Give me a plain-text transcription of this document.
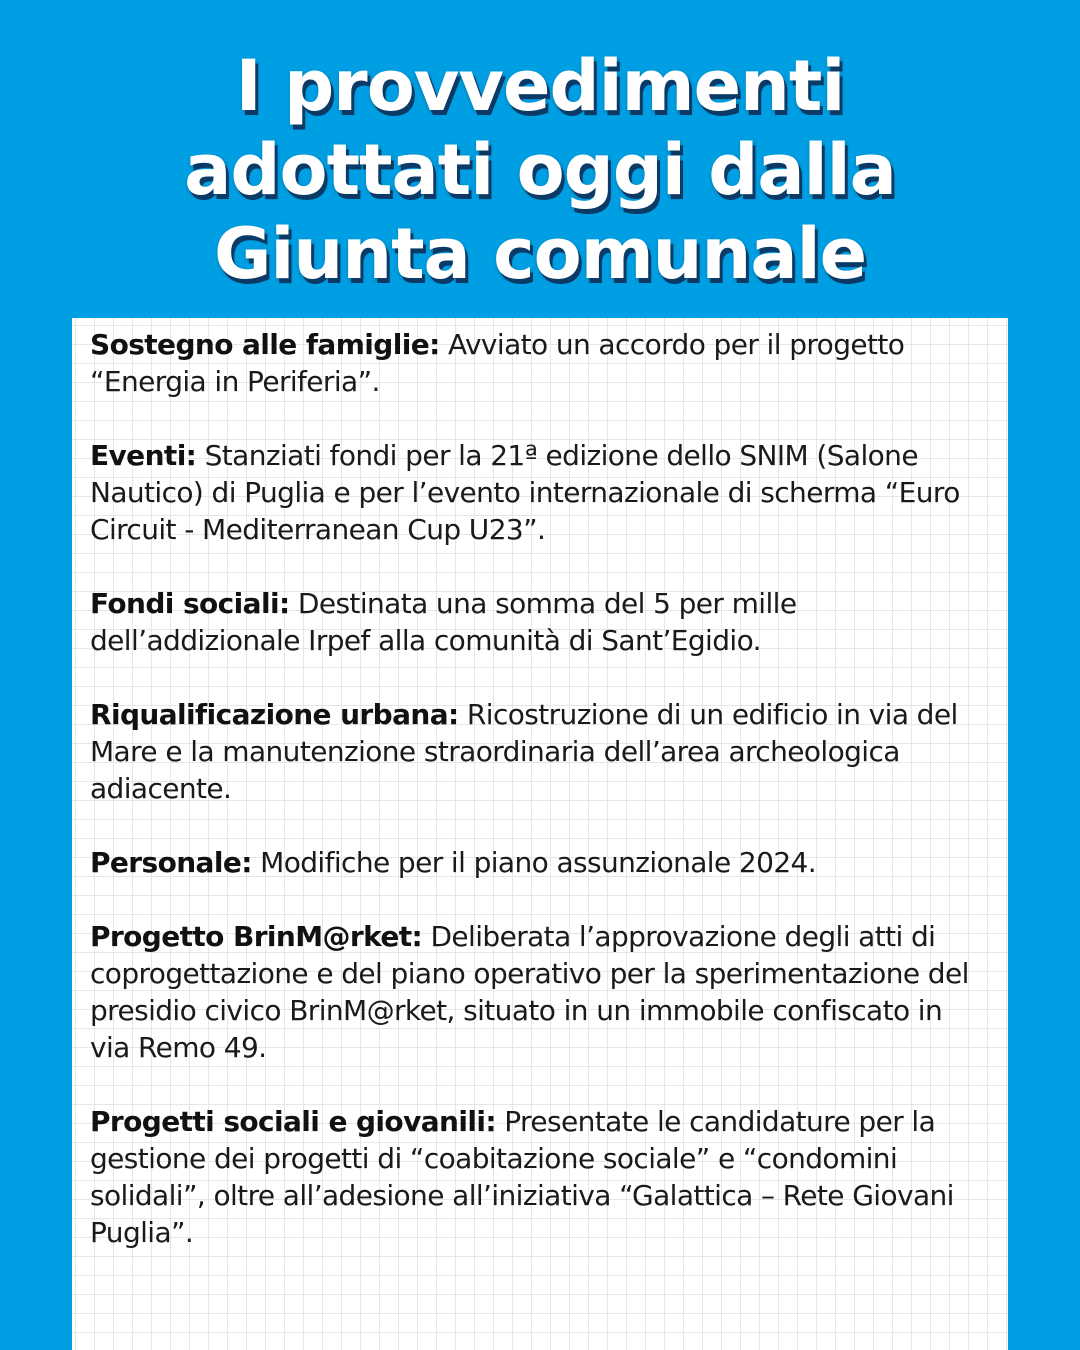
I provvedimenti
adottati oggi dalla
Giunta comunale

Sostegno alle famiglie: Avviato un accordo per il progetto “Energia in Periferia”.

Eventi: Stanziati fondi per la 21ª edizione dello SNIM (Salone Nautico) di Puglia e per l’evento internazionale di scherma “Euro Circuit - Mediterranean Cup U23”.

Fondi sociali: Destinata una somma del 5 per mille dell’addizionale Irpef alla comunità di Sant’Egidio.

Riqualificazione urbana: Ricostruzione di un edificio in via del Mare e la manutenzione straordinaria dell’area archeologica adiacente.

Personale: Modifiche per il piano assunzionale 2024.

Progetto BrinM@rket: Deliberata l’approvazione degli atti di coprogettazione e del piano operativo per la sperimentazione del presidio civico BrinM@rket, situato in un immobile confiscato in via Remo 49.

Progetti sociali e giovanili: Presentate le candidature per la gestione dei progetti di “coabitazione sociale” e “condomini solidali”, oltre all’adesione all’iniziativa “Galattica – Rete Giovani Puglia”.
